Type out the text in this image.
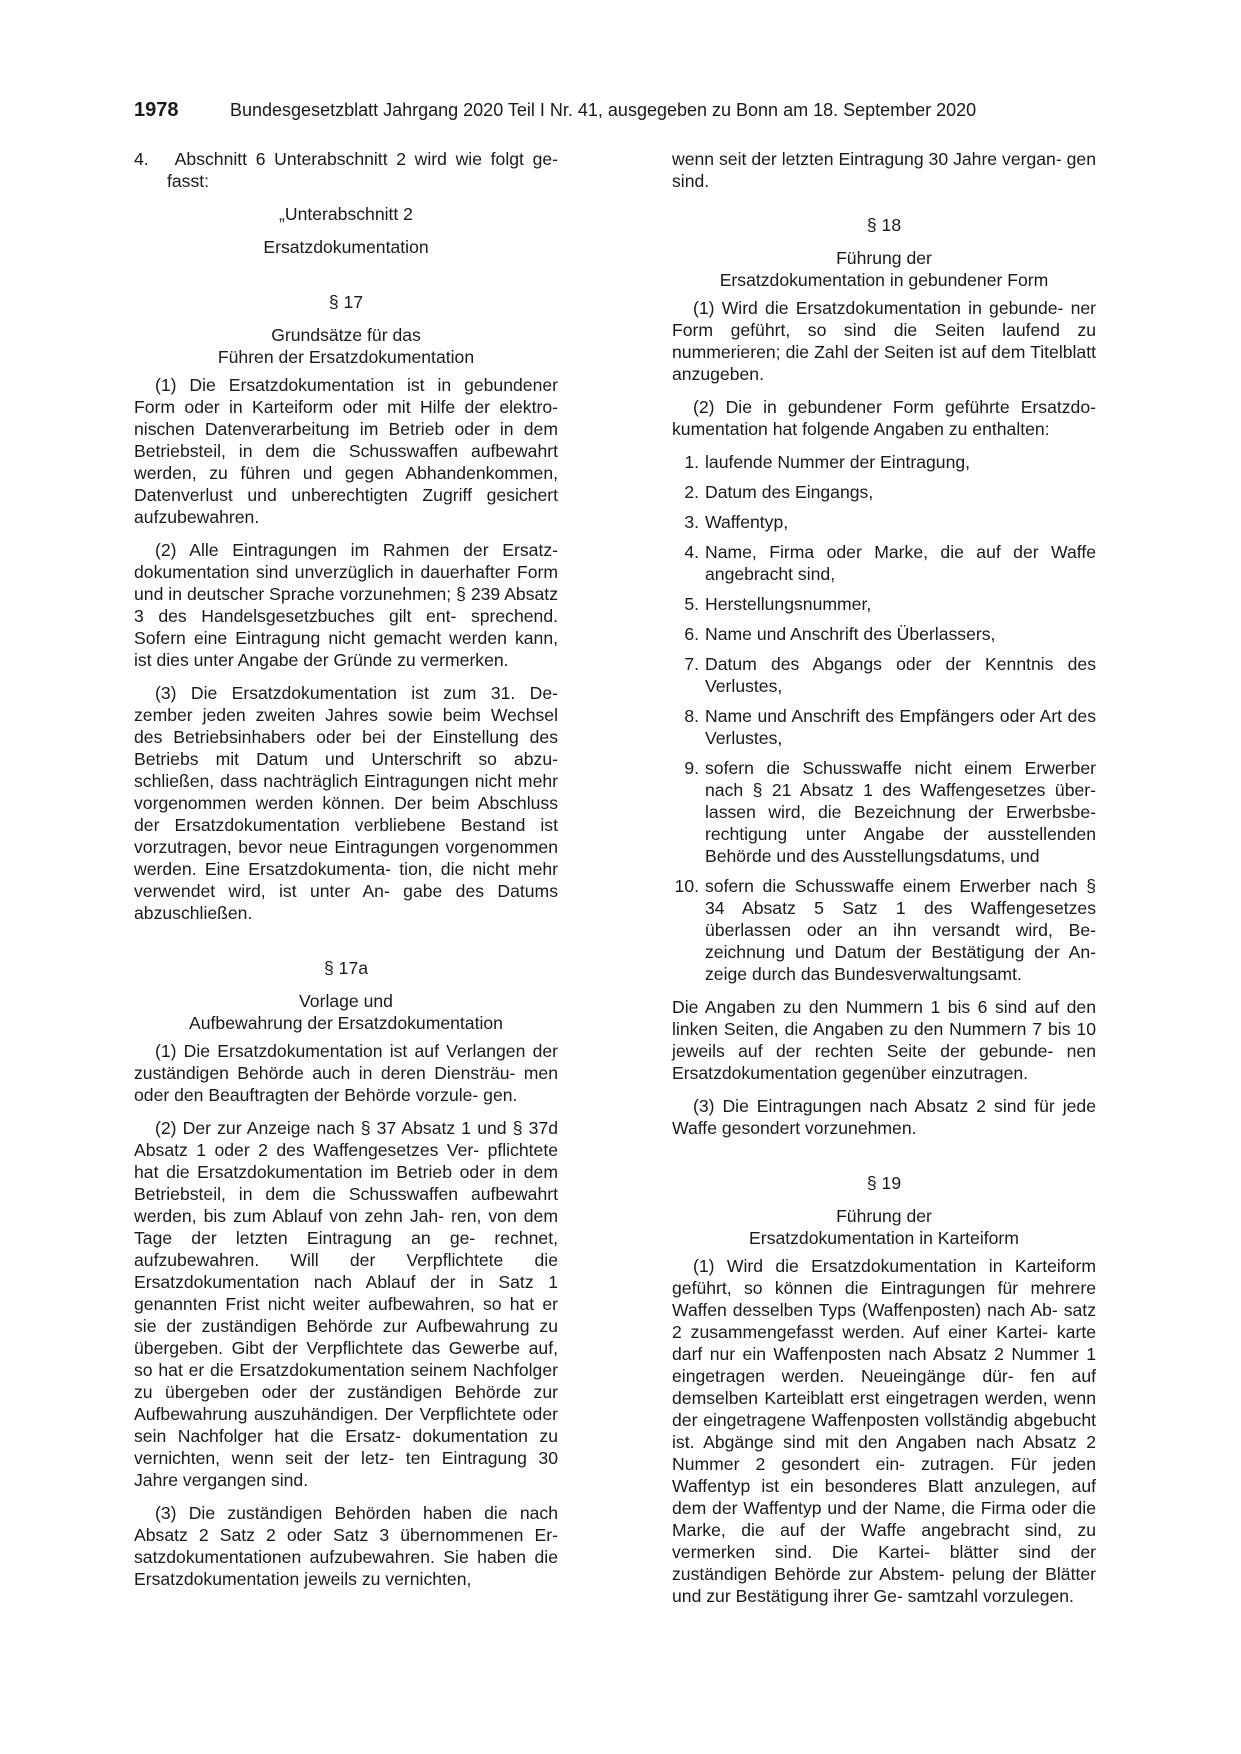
1978	Bundesgesetzblatt Jahrgang 2020 Teil I Nr. 41, ausgegeben zu Bonn am 18. September 2020

4. Abschnitt 6 Unterabschnitt 2 wird wie folgt ge- fasst:

„Unterabschnitt 2

Ersatzdokumentation

§ 17

Grundsätze für das
Führen der Ersatzdokumentation

(1) Die Ersatzdokumentation ist in gebundener Form oder in Karteiform oder mit Hilfe der elektro- nischen Datenverarbeitung im Betrieb oder in dem Betriebsteil, in dem die Schusswaffen aufbewahrt werden, zu führen und gegen Abhandenkommen, Datenverlust und unberechtigten Zugriff gesichert aufzubewahren.

(2) Alle Eintragungen im Rahmen der Ersatz- dokumentation sind unverzüglich in dauerhafter Form und in deutscher Sprache vorzunehmen; § 239 Absatz 3 des Handelsgesetzbuches gilt ent- sprechend. Sofern eine Eintragung nicht gemacht werden kann, ist dies unter Angabe der Gründe zu vermerken.

(3) Die Ersatzdokumentation ist zum 31. De- zember jeden zweiten Jahres sowie beim Wechsel des Betriebsinhabers oder bei der Einstellung des Betriebs mit Datum und Unterschrift so abzu- schließen, dass nachträglich Eintragungen nicht mehr vorgenommen werden können. Der beim Abschluss der Ersatzdokumentation verbliebene Bestand ist vorzutragen, bevor neue Eintragungen vorgenommen werden. Eine Ersatzdokumenta- tion, die nicht mehr verwendet wird, ist unter An- gabe des Datums abzuschließen.

§ 17a

Vorlage und
Aufbewahrung der Ersatzdokumentation

(1) Die Ersatzdokumentation ist auf Verlangen der zuständigen Behörde auch in deren Diensträu- men oder den Beauftragten der Behörde vorzule- gen.

(2) Der zur Anzeige nach § 37 Absatz 1 und § 37d Absatz 1 oder 2 des Waffengesetzes Ver- pflichtete hat die Ersatzdokumentation im Betrieb oder in dem Betriebsteil, in dem die Schusswaffen aufbewahrt werden, bis zum Ablauf von zehn Jah- ren, von dem Tage der letzten Eintragung an ge- rechnet, aufzubewahren. Will der Verpflichtete die Ersatzdokumentation nach Ablauf der in Satz 1 genannten Frist nicht weiter aufbewahren, so hat er sie der zuständigen Behörde zur Aufbewahrung zu übergeben. Gibt der Verpflichtete das Gewerbe auf, so hat er die Ersatzdokumentation seinem Nachfolger zu übergeben oder der zuständigen Behörde zur Aufbewahrung auszuhändigen. Der Verpflichtete oder sein Nachfolger hat die Ersatz- dokumentation zu vernichten, wenn seit der letz- ten Eintragung 30 Jahre vergangen sind.

(3) Die zuständigen Behörden haben die nach Absatz 2 Satz 2 oder Satz 3 übernommenen Er- satzdokumentationen aufzubewahren. Sie haben die Ersatzdokumentation jeweils zu vernichten,

wenn seit der letzten Eintragung 30 Jahre vergan- gen sind.

§ 18

Führung der
Ersatzdokumentation in gebundener Form

(1) Wird die Ersatzdokumentation in gebunde- ner Form geführt, so sind die Seiten laufend zu nummerieren; die Zahl der Seiten ist auf dem Titelblatt anzugeben.

(2) Die in gebundener Form geführte Ersatzdo- kumentation hat folgende Angaben zu enthalten:

1. laufende Nummer der Eintragung,
2. Datum des Eingangs,
3. Waffentyp,
4. Name, Firma oder Marke, die auf der Waffe angebracht sind,
5. Herstellungsnummer,
6. Name und Anschrift des Überlassers,
7. Datum des Abgangs oder der Kenntnis des Verlustes,
8. Name und Anschrift des Empfängers oder Art des Verlustes,
9. sofern die Schusswaffe nicht einem Erwerber nach § 21 Absatz 1 des Waffengesetzes über- lassen wird, die Bezeichnung der Erwerbsbe- rechtigung unter Angabe der ausstellenden Behörde und des Ausstellungsdatums, und
10. sofern die Schusswaffe einem Erwerber nach § 34 Absatz 5 Satz 1 des Waffengesetzes überlassen oder an ihn versandt wird, Be- zeichnung und Datum der Bestätigung der An- zeige durch das Bundesverwaltungsamt.

Die Angaben zu den Nummern 1 bis 6 sind auf den linken Seiten, die Angaben zu den Nummern 7 bis 10 jeweils auf der rechten Seite der gebunde- nen Ersatzdokumentation gegenüber einzutragen.

(3) Die Eintragungen nach Absatz 2 sind für jede Waffe gesondert vorzunehmen.

§ 19

Führung der
Ersatzdokumentation in Karteiform

(1) Wird die Ersatzdokumentation in Karteiform geführt, so können die Eintragungen für mehrere Waffen desselben Typs (Waffenposten) nach Ab- satz 2 zusammengefasst werden. Auf einer Kartei- karte darf nur ein Waffenposten nach Absatz 2 Nummer 1 eingetragen werden. Neueingänge dür- fen auf demselben Karteiblatt erst eingetragen werden, wenn der eingetragene Waffenposten vollständig abgebucht ist. Abgänge sind mit den Angaben nach Absatz 2 Nummer 2 gesondert ein- zutragen. Für jeden Waffentyp ist ein besonderes Blatt anzulegen, auf dem der Waffentyp und der Name, die Firma oder die Marke, die auf der Waffe angebracht sind, zu vermerken sind. Die Kartei- blätter sind der zuständigen Behörde zur Abstem- pelung der Blätter und zur Bestätigung ihrer Ge- samtzahl vorzulegen.
